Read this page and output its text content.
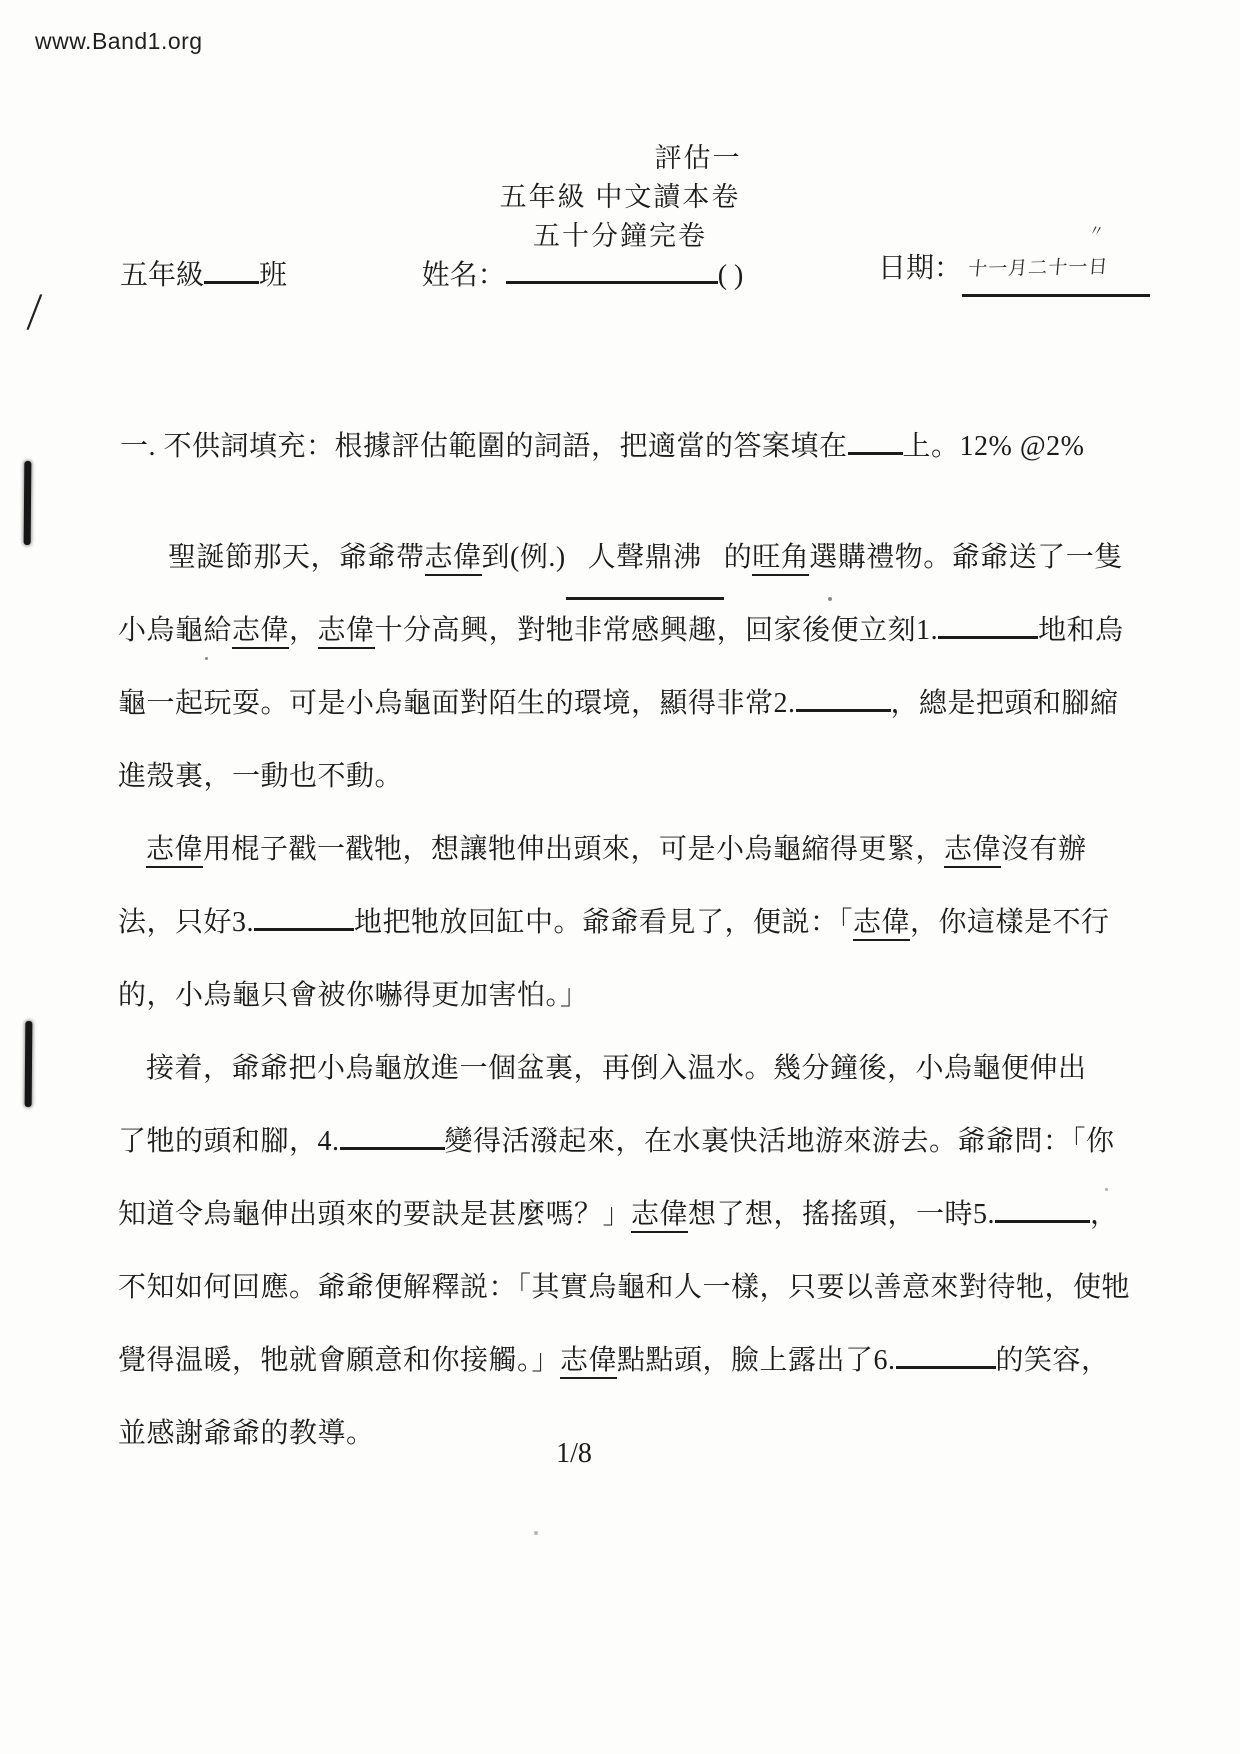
www.Band1.org
評估一
五年級 中文讀本卷
五十分鐘完卷
五年級 班	姓名：	( )	日期： 十一月二十一日
一. 不供詞填充：根據評估範圍的詞語，把適當的答案填在 上。12% @2%
聖誕節那天，爺爺帶志偉到(例.) 人聲鼎沸 的旺角選購禮物。爺爺送了一隻
小烏龜給志偉，志偉十分高興，對牠非常感興趣，回家後便立刻1.	地和烏
龜一起玩耍。可是小烏龜面對陌生的環境，顯得非常2.	，總是把頭和腳縮
進殼裏，一動也不動。
志偉用棍子戳一戳牠，想讓牠伸出頭來，可是小烏龜縮得更緊，志偉沒有辦
法，只好3.	地把牠放回缸中。爺爺看見了，便説：「志偉，你這樣是不行
的，小烏龜只會被你嚇得更加害怕。」
接着，爺爺把小烏龜放進一個盆裏，再倒入温水。幾分鐘後，小烏龜便伸出
了牠的頭和腳，4.	變得活潑起來，在水裏快活地游來游去。爺爺問：「你
知道令烏龜伸出頭來的要訣是甚麼嗎？」志偉想了想，搖搖頭，一時5.	，
不知如何回應。爺爺便解釋説：「其實烏龜和人一樣，只要以善意來對待牠，使牠
覺得温暖，牠就會願意和你接觸。」志偉點點頭，臉上露出了6.	的笑容，
並感謝爺爺的教導。
1/8
/
〃
